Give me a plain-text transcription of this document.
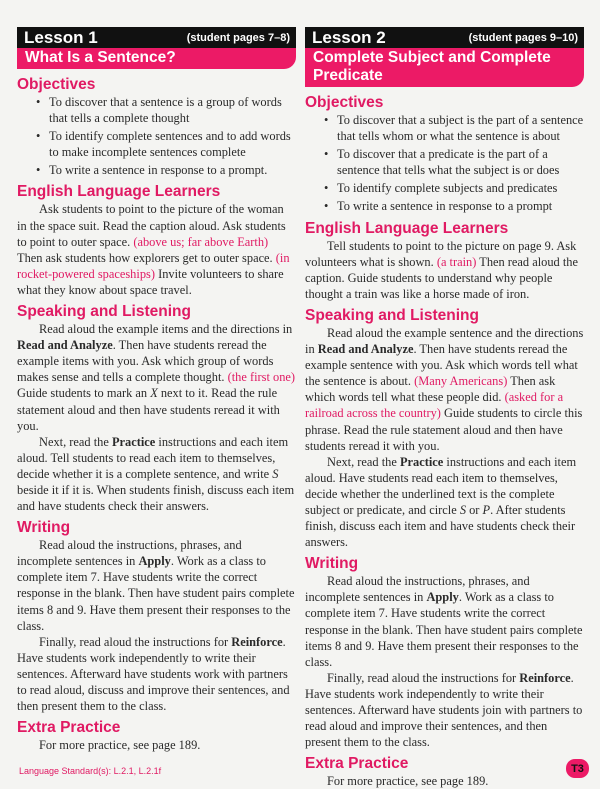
Lesson 1	(student pages 7–8)
What Is a Sentence?
Objectives
• To discover that a sentence is a group of words that tells a complete thought
• To identify complete sentences and to add words to make incomplete sentences complete
• To write a sentence in response to a prompt.
English Language Learners

Ask students to point to the picture of the woman in the space suit. Read the caption aloud. Ask students to point to outer space. (above us; far above Earth) Then ask students how explorers get to outer space. (in rocket-powered spaceships) Invite volunteers to share what they know about space travel.

Speaking and Listening

Read aloud the example items and the directions in Read and Analyze. Then have students reread the example items with you. Ask which group of words makes sense and tells a complete thought. (the first one) Guide students to mark an X next to it. Read the rule statement aloud and then have students reread it with you.

Next, read the Practice instructions and each item aloud. Tell students to read each item to themselves, decide whether it is a complete sentence, and write S beside it if it is. When students finish, discuss each item and have students check their answers.

Writing

Read aloud the instructions, phrases, and incomplete sentences in Apply. Work as a class to complete item 7. Have students write the correct response in the blank. Then have student pairs complete items 8 and 9. Have them present their responses to the class.

Finally, read aloud the instructions for Reinforce. Have students work independently to write their sentences. Afterward have students work with partners to read aloud, discuss and improve their sentences, and then present them to the class.

Extra Practice

For more practice, see page 189.

Lesson 2	(student pages 9–10)
Complete Subject and Complete Predicate
Objectives
• To discover that a subject is the part of a sentence that tells whom or what the sentence is about
• To discover that a predicate is the part of a sentence that tells what the subject is or does
• To identify complete subjects and predicates
• To write a sentence in response to a prompt
English Language Learners

Tell students to point to the picture on page 9. Ask volunteers what is shown. (a train) Then read aloud the caption. Guide students to understand why people thought a train was like a horse made of iron.

Speaking and Listening

Read aloud the example sentence and the directions in Read and Analyze. Then have students reread the example sentence with you. Ask which words tell what the sentence is about. (Many Americans) Then ask which words tell what these people did. (asked for a railroad across the country) Guide students to circle this phrase. Read the rule statement aloud and then have students reread it with you.

Next, read the Practice instructions and each item aloud. Have students read each item to themselves, decide whether the underlined text is the complete subject or predicate, and circle S or P. After students finish, discuss each item and have students check their answers.

Writing

Read aloud the instructions, phrases, and incomplete sentences in Apply. Work as a class to complete item 7. Have students write the correct response in the blank. Then have student pairs complete items 8 and 9. Have them present their responses to the class.

Finally, read aloud the instructions for Reinforce. Have students work independently to write their sentences. Afterward have students join with partners to read aloud and improve their sentences, and then present them to the class.

Extra Practice

For more practice, see page 189.

Language Standard(s): L.2.1, L.2.1f	T3
